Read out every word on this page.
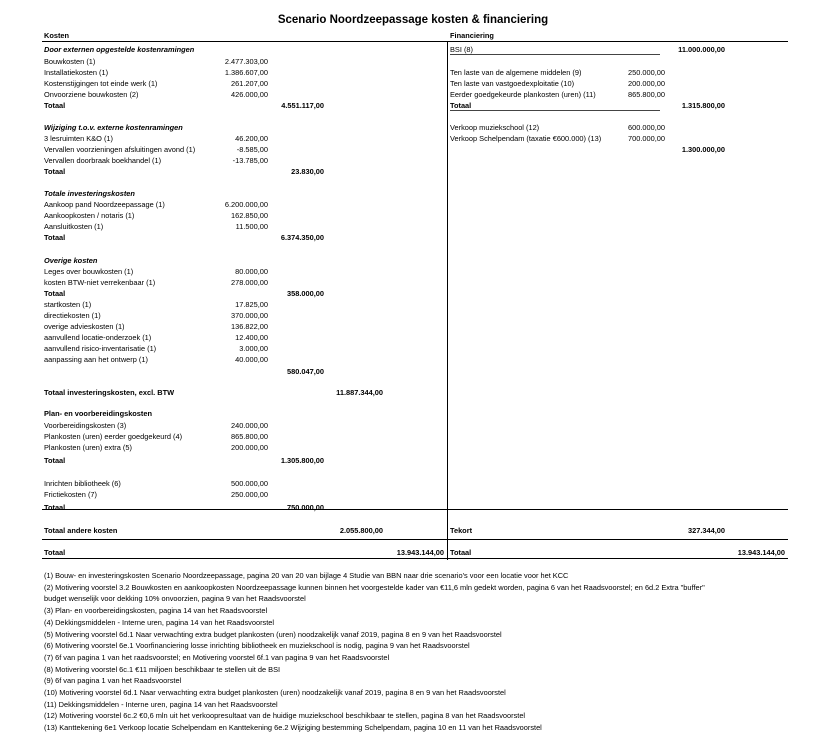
Scenario Noordzeepassage kosten & financiering
Kosten	Financiering
Door externen opgestelde kostenramingen
Bouwkosten (1)	2.477.303,00
Installatiekosten (1)	1.386.607,00
Kostenstijgingen tot einde werk (1)	261.207,00
Onvoorziene bouwkosten (2)	426.000,00
Totaal	4.551.117,00
Wijziging t.o.v. externe kostenramingen
3 lesruimten K&O (1)	46.200,00
Vervallen voorzieningen afsluitingen avond (1)	-8.585,00
Vervallen doorbraak boekhandel (1)	-13.785,00
Totaal	23.830,00
Totale investeringskosten
Aankoop pand Noordzeepassage (1)	6.200.000,00
Aankoopkosten / notaris (1)	162.850,00
Aansluitkosten (1)	11.500,00
Totaal	6.374.350,00
Overige kosten
Leges over bouwkosten (1)	80.000,00
kosten BTW-niet verrekenbaar (1)	278.000,00
Totaal	358.000,00
startkosten (1)	17.825,00
directiekosten (1)	370.000,00
overige advieskosten (1)	136.822,00
aanvullend locatie-onderzoek (1)	12.400,00
aanvullend risico-inventarisatie (1)	3.000,00
aanpassing aan het ontwerp (1)	40.000,00
580.047,00
Totaal investeringskosten, excl. BTW	11.887.344,00
Plan- en voorbereidingskosten
Voorbereidingskosten (3)	240.000,00
Plankosten (uren) eerder goedgekeurd (4)	865.800,00
Plankosten (uren) extra (5)	200.000,00
Totaal	1.305.800,00
Inrichten bibliotheek (6)	500.000,00
Frictiekosten (7)	250.000,00
Totaal	750.000,00
Totaal andere kosten	2.055.800,00
Totaal	13.943.144,00
BSI (8)	11.000.000,00
Ten laste van de algemene middelen (9)	250.000,00
Ten laste van vastgoedexploitatie (10)	200.000,00
Eerder goedgekeurde plankosten (uren) (11)	865.800,00
Totaal	1.315.800,00
Verkoop muziekschool (12)	600.000,00
Verkoop Schelpendam (taxatie €600.000) (13)	700.000,00
1.300.000,00
Tekort	327.344,00
Totaal	13.943.144,00
(1) Bouw- en investeringskosten Scenario Noordzeepassage, pagina 20 van 20 van bijlage 4 Studie van BBN naar drie scenario's voor een locatie voor het KCC
(2) Motivering voorstel 3.2 Bouwkosten en aankoopkosten Noordzeepassage kunnen binnen het voorgestelde kader van €11,6 mln gedekt worden, pagina 6 van het Raadsvoorstel; en 6d.2 Extra "buffer"
budget wenselijk voor dekking 10% onvoorzien, pagina 9 van het Raadsvoorstel
(3) Plan- en voorbereidingskosten, pagina 14 van het Raadsvoorstel
(4) Dekkingsmiddelen - Interne uren, pagina 14 van het Raadsvoorstel
(5) Motivering voorstel 6d.1 Naar verwachting extra budget plankosten (uren) noodzakelijk vanaf 2019, pagina 8 en 9 van het Raadsvoorstel
(6) Motivering voorstel 6e.1 Voorfinanciering losse inrichting bibliotheek en muziekschool is nodig, pagina 9 van het Raadsvoorstel
(7) 6f van pagina 1 van het raadsvoorstel; en Motivering voorstel 6f.1 van pagina 9 van het Raadsvoorstel
(8) Motivering voorstel 6c.1 €11 miljoen beschikbaar te stellen uit de BSI
(9) 6f van pagina 1 van het Raadsvoorstel
(10) Motivering voorstel 6d.1 Naar verwachting extra budget plankosten (uren) noodzakelijk vanaf 2019, pagina 8 en 9 van het Raadsvoorstel
(11) Dekkingsmiddelen - Interne uren, pagina 14 van het Raadsvoorstel
(12) Motivering voorstel 6c.2 €0,6 mln uit het verkoopresultaat van de huidige muziekschool beschikbaar te stellen, pagina 8 van het Raadsvoorstel
(13) Kanttekening 6e1 Verkoop locatie Schelpendam en Kanttekening 6e.2 Wijziging bestemming Schelpendam, pagina 10 en 11 van het Raadsvoorstel
